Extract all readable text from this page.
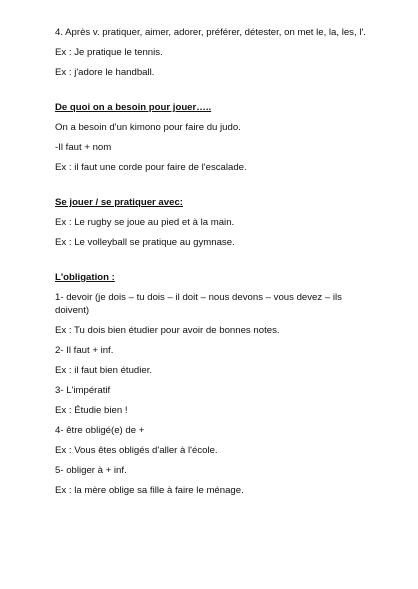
4. Après v. pratiquer, aimer, adorer, préférer, détester, on met le, la, les, l'.

Ex : Je pratique le tennis.

Ex : j'adore le handball.

De quoi on a besoin pour jouer…..

On a besoin d'un kimono pour faire du judo.

-Il faut + nom

Ex : il faut une corde pour faire de l'escalade.

Se jouer / se pratiquer avec:

Ex : Le rugby se joue au pied et à la main.

Ex : Le volleyball se pratique au gymnase.

L'obligation :

1- devoir (je dois – tu dois – il doit – nous devons – vous devez – ils doivent)

Ex : Tu dois bien étudier pour avoir de bonnes notes.

2- Il faut + inf.

Ex : il faut bien étudier.

3- L'impératif

Ex : Étudie bien !

4- être obligé(e) de +

Ex : Vous êtes obligés d'aller à l'école.

5- obliger à + inf.

Ex : la mère oblige sa fille à faire le ménage.
